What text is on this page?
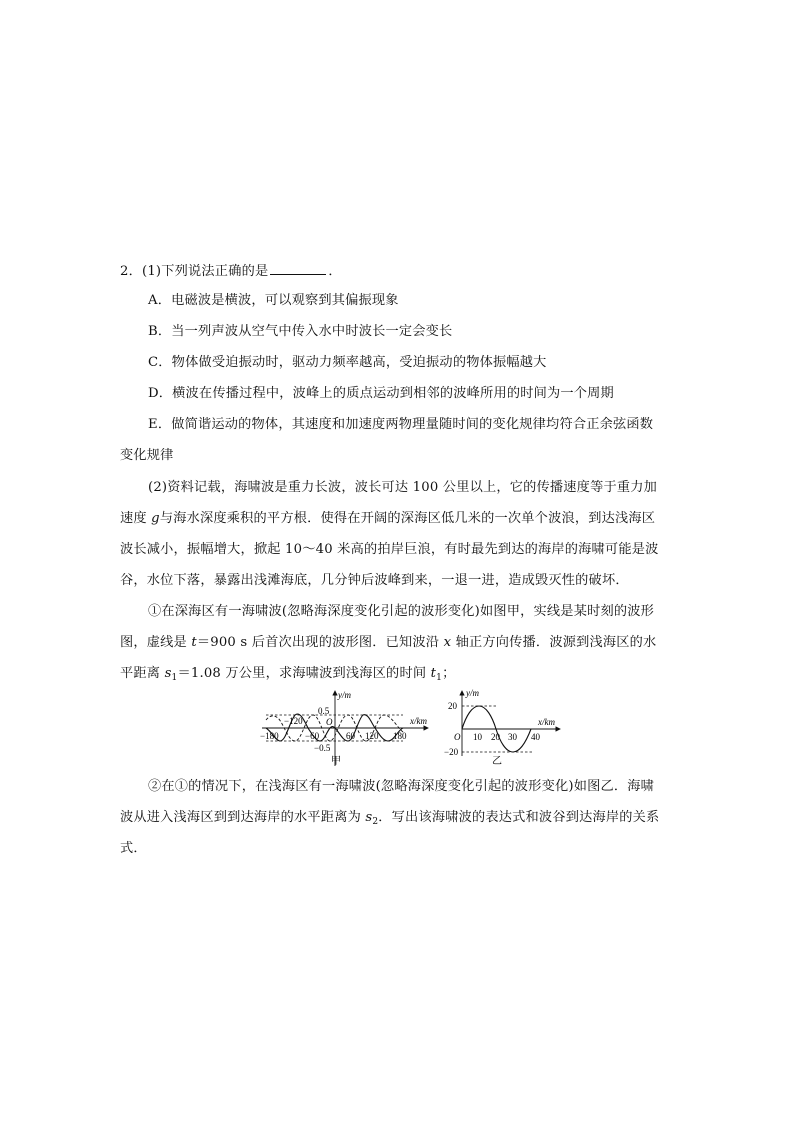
2．(1)下列说法正确的是	．
A．电磁波是横波，可以观察到其偏振现象
B．当一列声波从空气中传入水中时波长一定会变长
C．物体做受迫振动时，驱动力频率越高，受迫振动的物体振幅越大
D．横波在传播过程中，波峰上的质点运动到相邻的波峰所用的时间为一个周期
E．做简谐运动的物体，其速度和加速度两物理量随时间的变化规律均符合正余弦函数
变化规律
(2)资料记载，海啸波是重力长波，波长可达 100 公里以上，它的传播速度等于重力加
速度 g与海水深度乘积的平方根．使得在开阔的深海区低几米的一次单个波浪，到达浅海区
波长减小，振幅增大，掀起 10～40 米高的拍岸巨浪，有时最先到达的海岸的海啸可能是波
谷，水位下落，暴露出浅滩海底，几分钟后波峰到来，一退一进，造成毁灭性的破坏．
①在深海区有一海啸波(忽略海深度变化引起的波形变化)如图甲，实线是某时刻的波形
图，虚线是 t＝900 s 后首次出现的波形图．已知波沿 x 轴正方向传播．波源到浅海区的水
平距离 $s_1=1.08$ 万公里，求海啸波到浅海区的时间 $t_1$；
y/m
x/km
0.5
−0.5
O
−180
−120
−60	60 120 180
甲
y/m
x/km
20
−20
O 10 20 30 40
乙
②在①的情况下，在浅海区有一海啸波(忽略海深度变化引起的波形变化)如图乙．海啸
波从进入浅海区到到达海岸的水平距离为 $s_2$．写出该海啸波的表达式和波谷到达海岸的关系
式．
